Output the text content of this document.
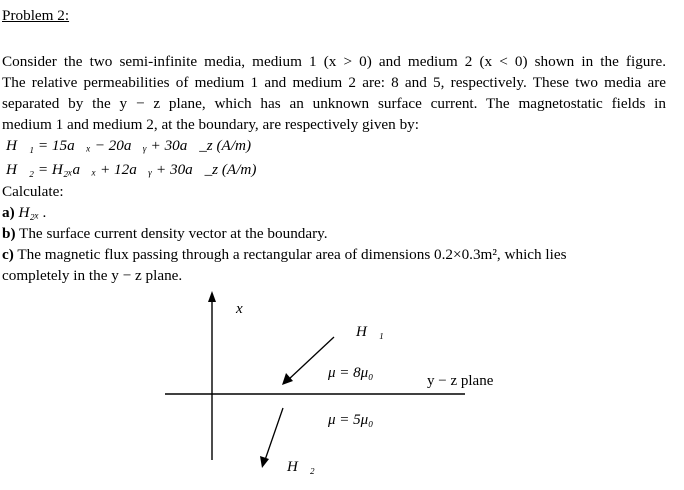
Problem 2:
Consider the two semi-infinite media, medium 1 (x > 0) and medium 2 (x < 0) shown in the figure.
The relative permeabilities of medium 1 and medium 2 are: 8 and 5, respectively. These two media are
separated by the y − z plane, which has an unknown surface current. The magnetostatic fields in
medium 1 and medium 2, at the boundary, are respectively given by:
H⃗₁ = 15a⃗ₓ − 20a⃗ᵧ + 30a⃗_z (A/m)
H⃗₂ = H₂ₓa⃗ₓ + 12a⃗ᵧ + 30a⃗_z (A/m)
Calculate:
a) H₂ₓ .
b) The surface current density vector at the boundary.
c) The magnetic flux passing through a rectangular area of dimensions 0.2×0.3m², which lies
completely in the y − z plane.
x
H⃗₁
μ = 8μ₀	y − z plane
μ = 5μ₀
H⃗₂
